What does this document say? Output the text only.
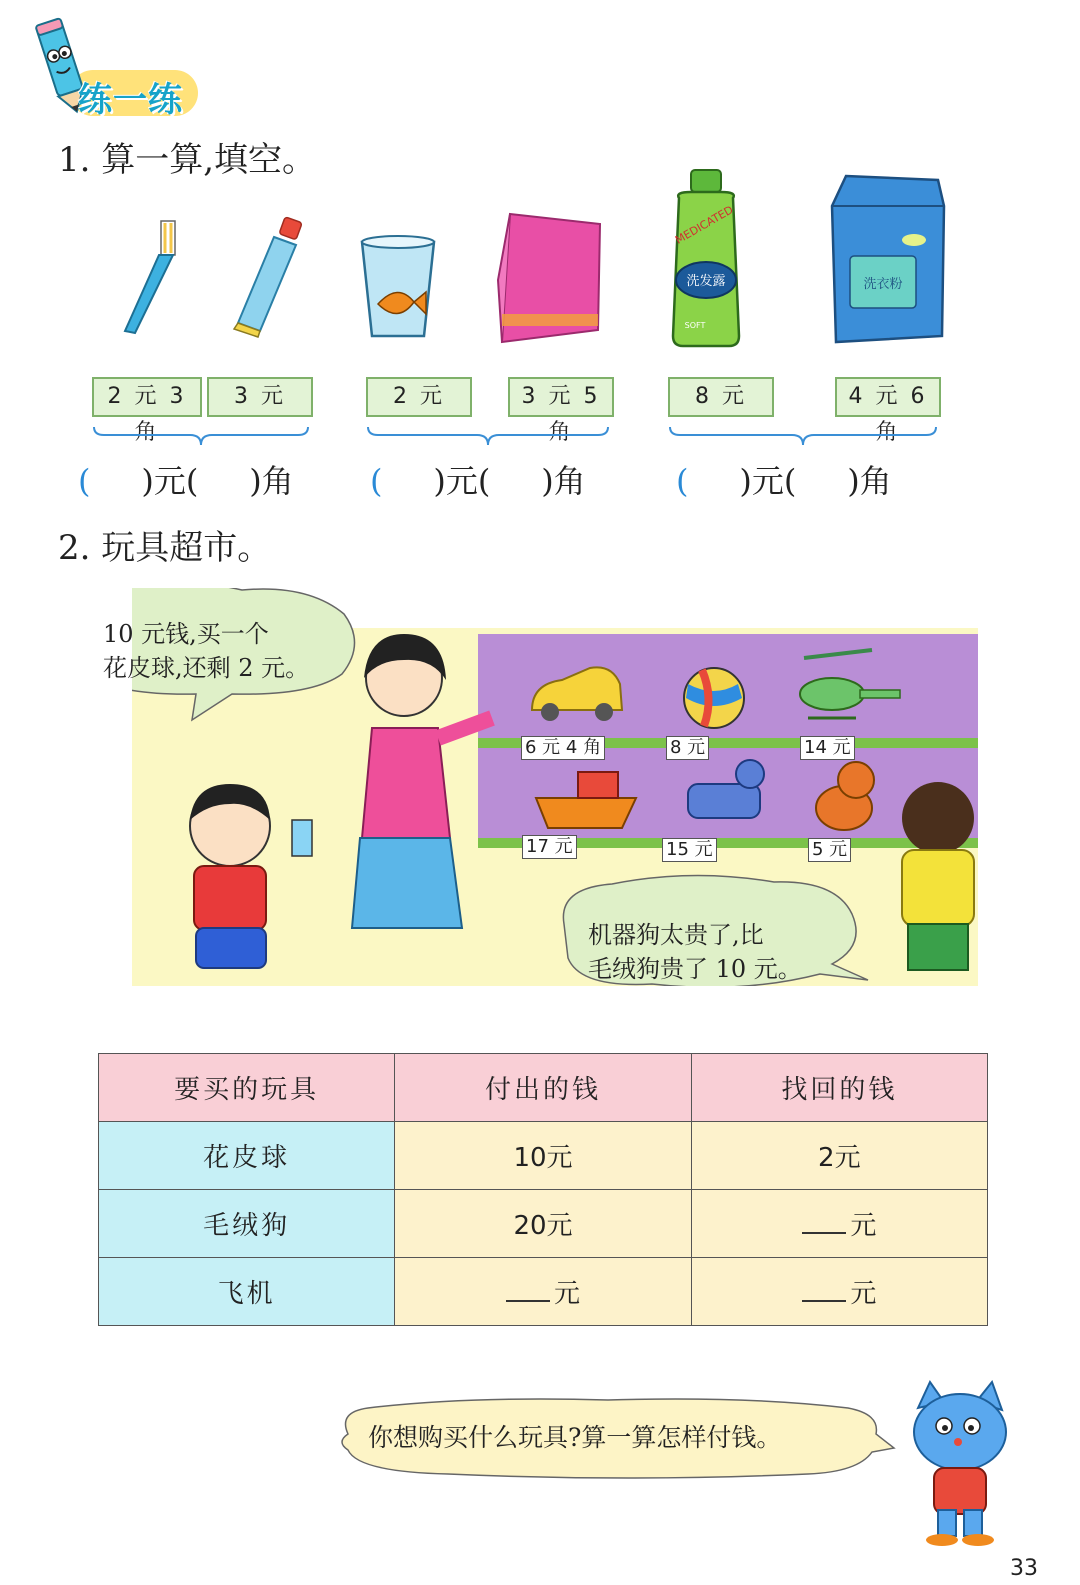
练一练
1. 算一算,填空。
MEDICATED
洗发露
SOFT
洗衣粉
2 元 3 角
3 元	2 元	3 元 5 角
8 元	4 元 6 角
( )元( )角 ( )元( )角	( )元( )角
2. 玩具超市。
6 元 4 角	8 元	14 元
17 元	15 元	5 元
10 元钱,买一个
花皮球,还剩 2 元。
机器狗太贵了,比
毛绒狗贵了 10 元。
要买的玩具	付出的钱	找回的钱
花皮球	10元	2元
毛绒狗	20元	元
飞机	元	元
你想购买什么玩具?算一算怎样付钱。
33
